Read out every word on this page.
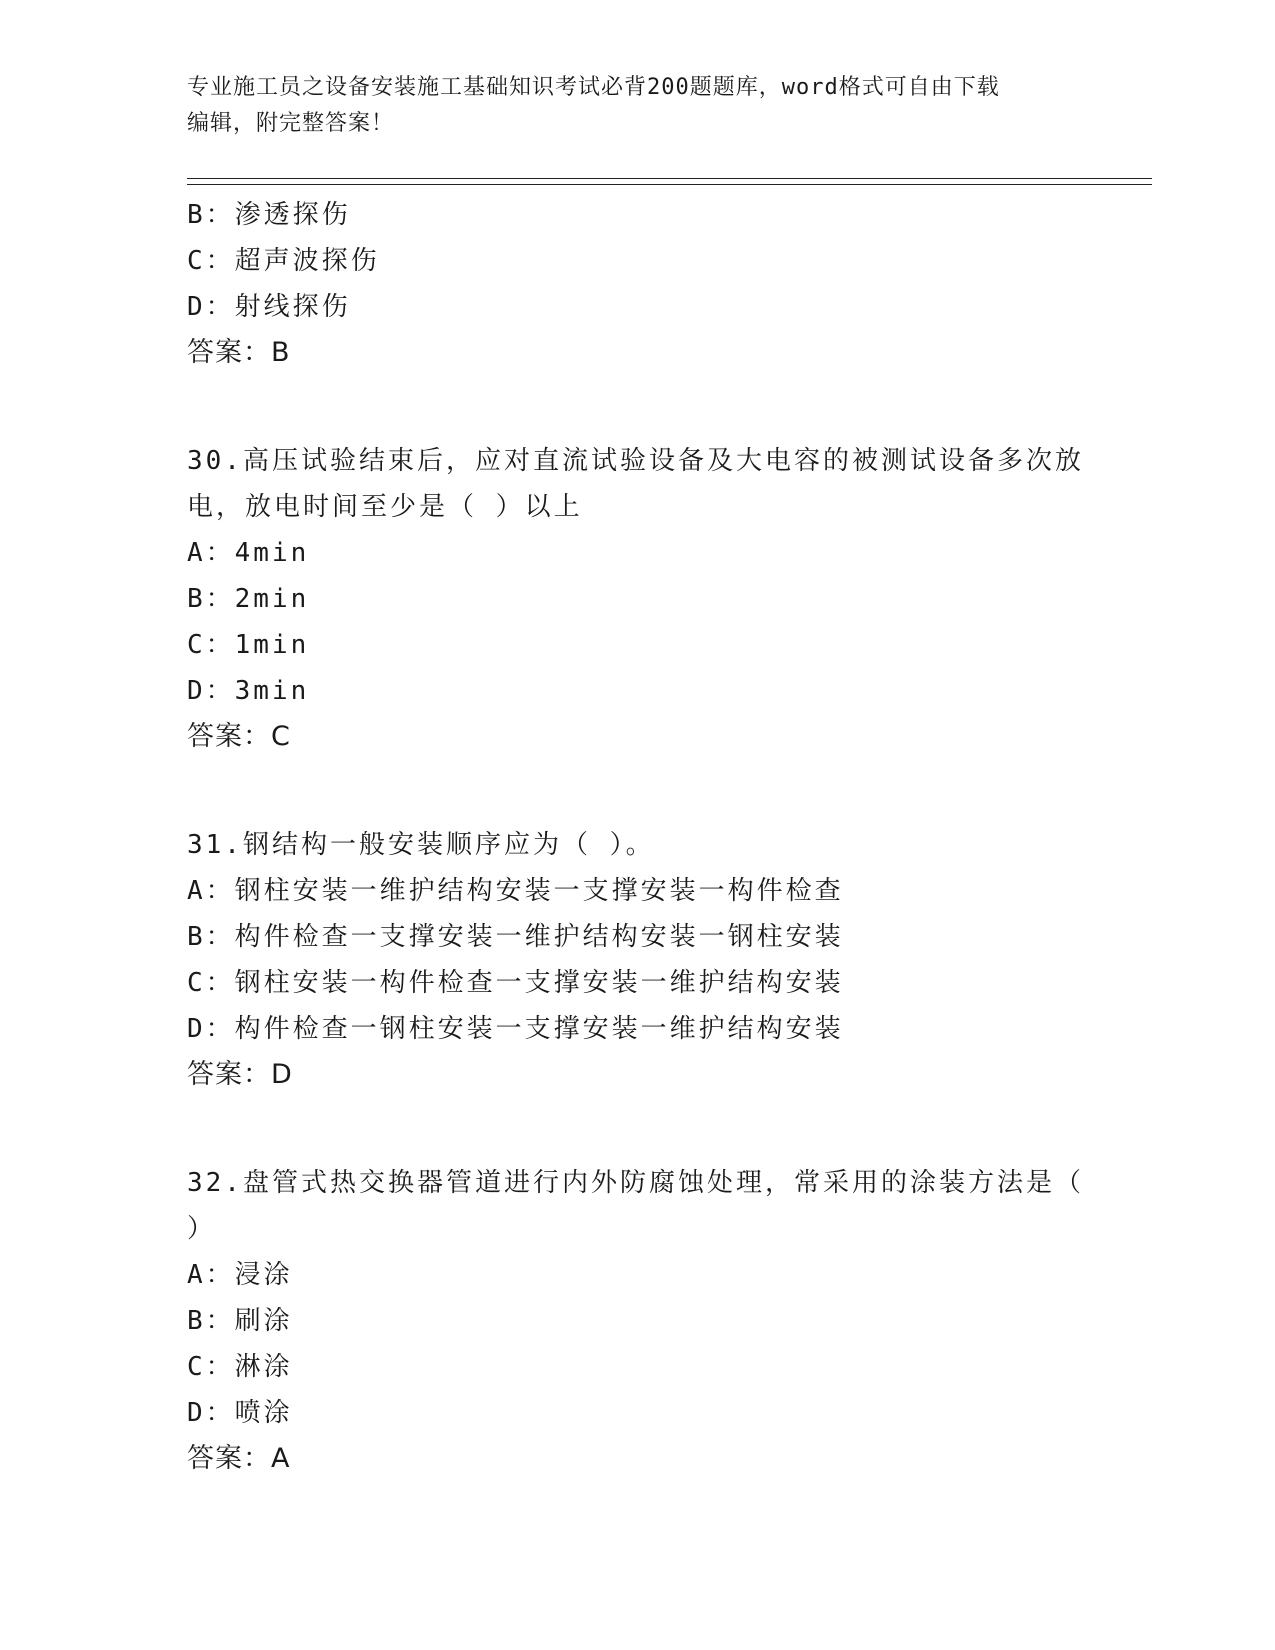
专业施工员之设备安装施工基础知识考试必背200题题库，word格式可自由下载
编辑，附完整答案！
B：渗透探伤
C：超声波探伤
D：射线探伤
答案：B
30.高压试验结束后，应对直流试验设备及大电容的被测试设备多次放
电，放电时间至少是（ ）以上
A：4min
B：2min
C：1min
D：3min
答案：C
31.钢结构一般安装顺序应为（ ）。
A：钢柱安装一维护结构安装一支撑安装一构件检查
B：构件检查一支撑安装一维护结构安装一钢柱安装
C：钢柱安装一构件检查一支撑安装一维护结构安装
D：构件检查一钢柱安装一支撑安装一维护结构安装
答案：D
32.盘管式热交换器管道进行内外防腐蚀处理，常采用的涂装方法是（
）
A：浸涂
B：刷涂
C：淋涂
D：喷涂
答案：A
